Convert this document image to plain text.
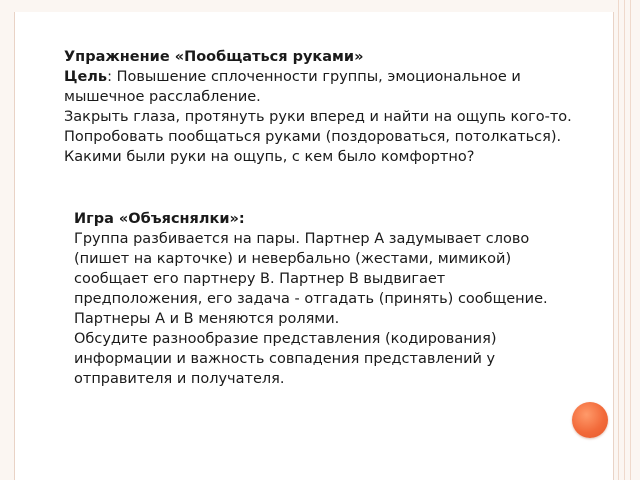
Упражнение «Пообщаться руками»
Цель: Повышение сплоченности группы, эмоциональное и мышечное расслабление.
Закрыть глаза, протянуть руки вперед и найти на ощупь кого-то. Попробовать пообщаться руками (поздороваться, потолкаться). Какими были руки на ощупь, с кем было комфортно?
Игра «Объяснялки»:
Группа разбивается на пары. Партнер А задумывает слово (пишет на карточке) и невербально (жестами, мимикой) сообщает его партнеру В. Партнер В выдвигает предположения, его задача - отгадать (принять) сообщение. Партнеры А и В меняются ролями.
Обсудите разнообразие представления (кодирования) информации и важность совпадения представлений у отправителя и получателя.
